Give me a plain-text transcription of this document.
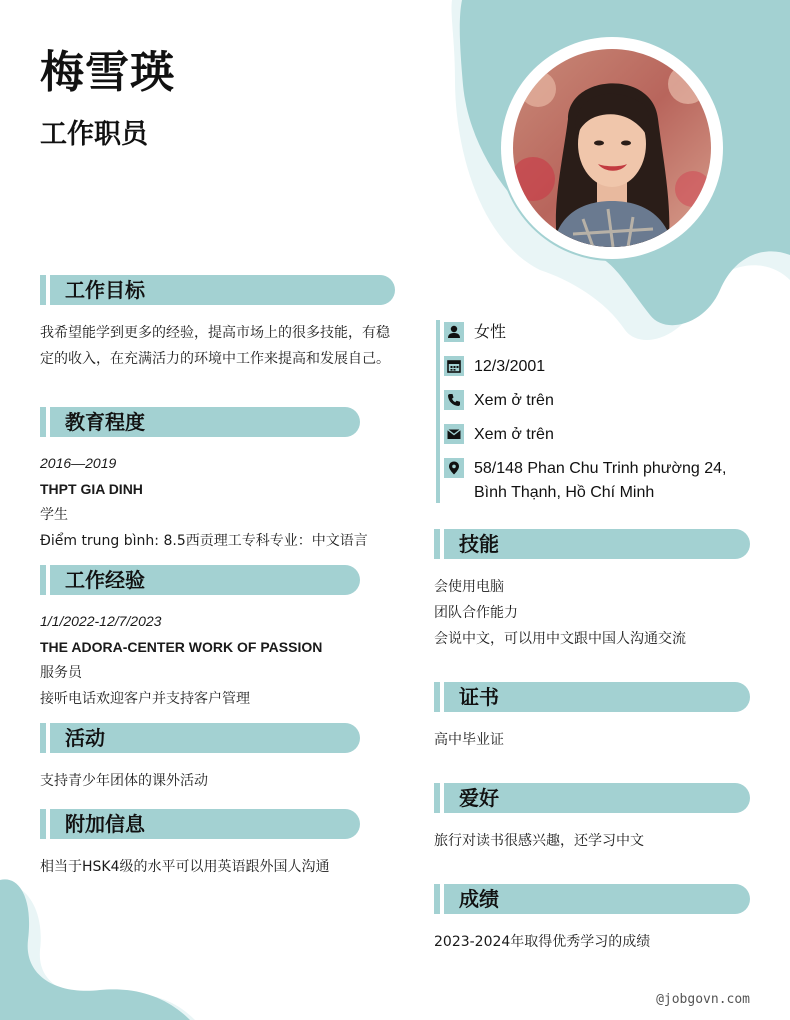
梅雪瑛
工作职员
工作目标
我希望能学到更多的经验，提高市场上的很多技能，有稳
定的收入，在充满活力的环境中工作来提高和发展自己。
教育程度
2016—2019
THPT GIA DINH
学生
Điểm trung bình: 8.5西贡理工专科专业：中文语言
工作经验
1/1/2022-12/7/2023
THE ADORA-CENTER WORK OF PASSION
服务员
接听电话欢迎客户并支持客户管理
活动
支持青少年团体的课外活动
附加信息
相当于HSK4级的水平可以用英语跟外国人沟通
女性
12/3/2001
Xem ở trên
Xem ở trên
58/148 Phan Chu Trinh phường 24,
Bình Thạnh, Hồ Chí Minh
技能
会使用电脑
团队合作能力
会说中文，可以用中文跟中国人沟通交流
证书
高中毕业证
爱好
旅行对读书很感兴趣，还学习中文
成绩
2023-2024年取得优秀学习的成绩
@jobgovn.com
